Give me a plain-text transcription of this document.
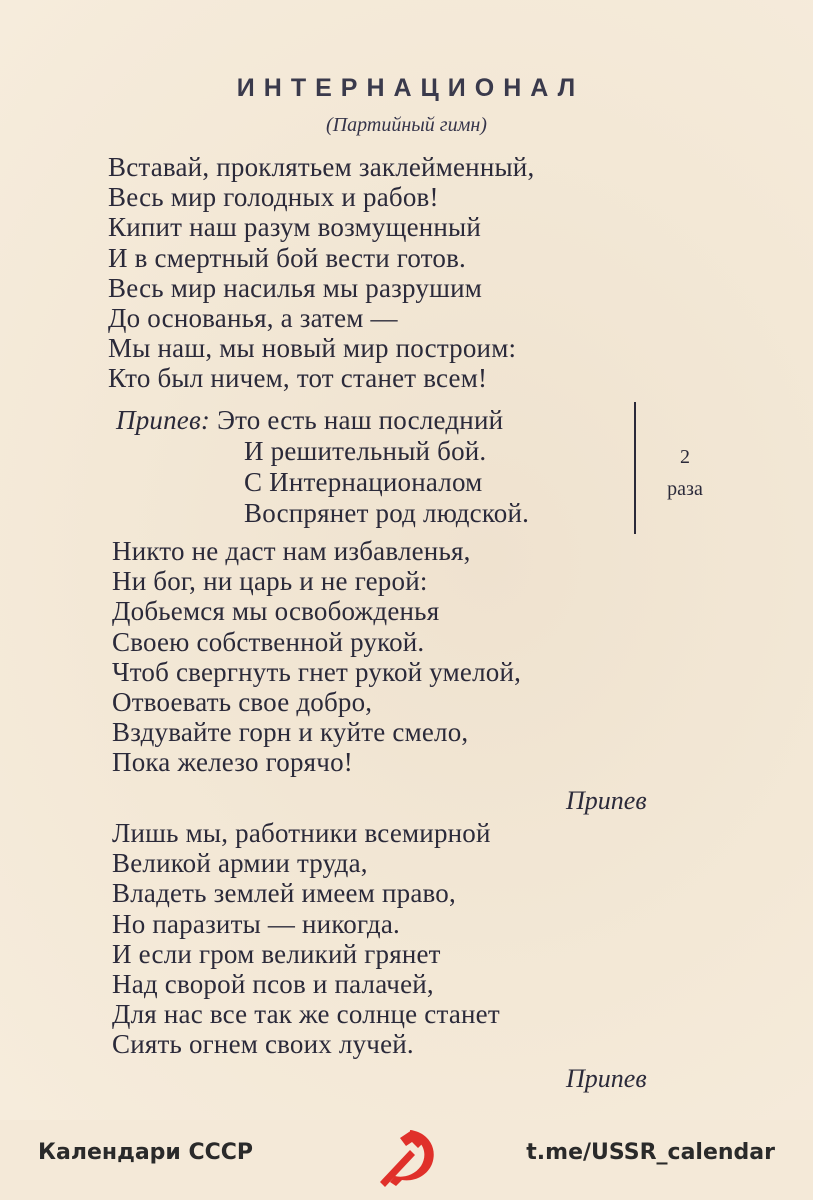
ИНТЕРНАЦИОНАЛ
(Партийный гимн)
Вставай, проклятьем заклейменный,
Весь мир голодных и рабов!
Кипит наш разум возмущенный
И в смертный бой вести готов.
Весь мир насилья мы разрушим
До основанья, а затем —
Мы наш, мы новый мир построим:
Кто был ничем, тот станет всем!
Припев: Это есть наш последний
И решительный бой.
С Интернационалом
Воспрянет род людской.
2
раза
Никто не даст нам избавленья,
Ни бог, ни царь и не герой:
Добьемся мы освобожденья
Своею собственной рукой.
Чтоб свергнуть гнет рукой умелой,
Отвоевать свое добро,
Вздувайте горн и куйте смело,
Пока железо горячо!
Припев
Лишь мы, работники всемирной
Великой армии труда,
Владеть землей имеем право,
Но паразиты — никогда.
И если гром великий грянет
Над сворой псов и палачей,
Для нас все так же солнце станет
Сиять огнем своих лучей.
Припев
Календари СССР	t.me/USSR_calendar
